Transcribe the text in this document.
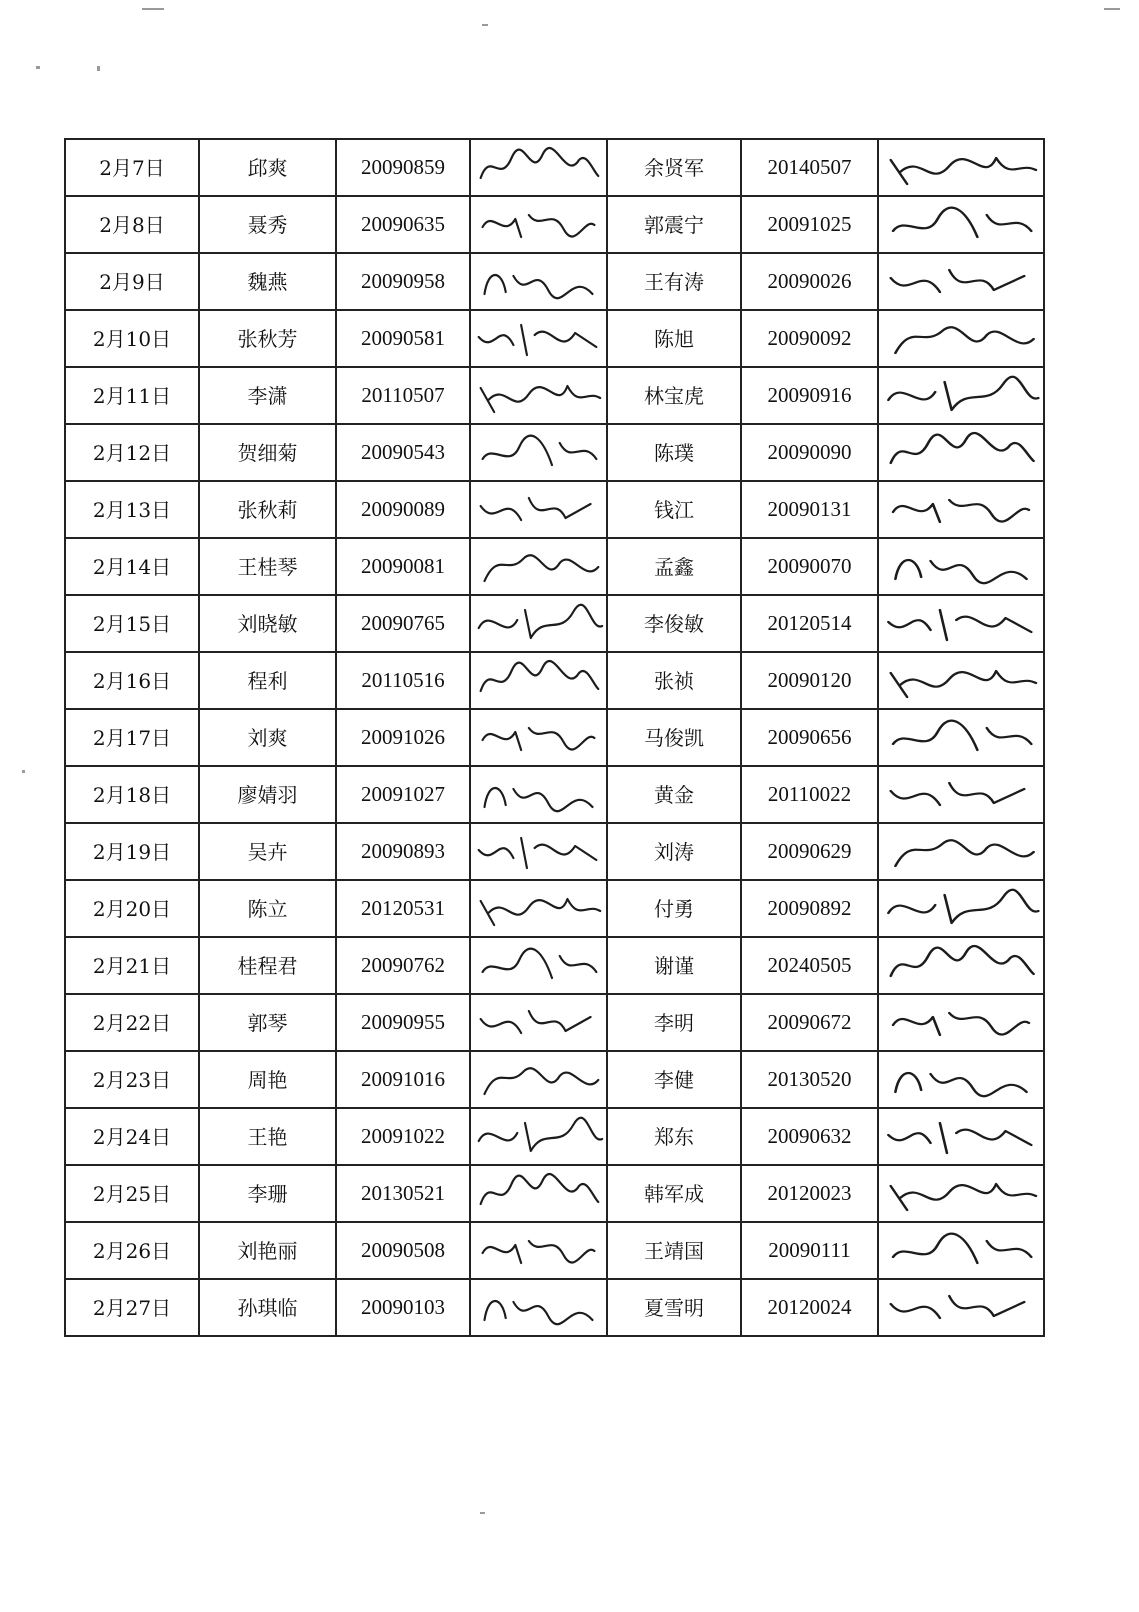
2月7日	邱爽	20090859		余贤军	20140507	

2月8日	聂秀	20090635		郭震宁	20091025	

2月9日	魏燕	20090958		王有涛	20090026	

2月10日	张秋芳	20090581		陈旭	20090092	

2月11日	李潇	20110507		林宝虎	20090916	

2月12日	贺细菊	20090543		陈璞	20090090	

2月13日	张秋莉	20090089		钱江	20090131	

2月14日	王桂琴	20090081		孟鑫	20090070	

2月15日	刘晓敏	20090765		李俊敏	20120514	

2月16日	程利	20110516		张祯	20090120	

2月17日	刘爽	20091026		马俊凯	20090656	

2月18日	廖婧羽	20091027		黄金	20110022	

2月19日	吴卉	20090893		刘涛	20090629	

2月20日	陈立	20120531		付勇	20090892	

2月21日	桂程君	20090762		谢谨	20240505	

2月22日	郭琴	20090955		李明	20090672	

2月23日	周艳	20091016		李健	20130520	

2月24日	王艳	20091022		郑东	20090632	

2月25日	李珊	20130521		韩军成	20120023	

2月26日	刘艳丽	20090508		王靖国	20090111	

2月27日	孙琪临	20090103		夏雪明	20120024	
